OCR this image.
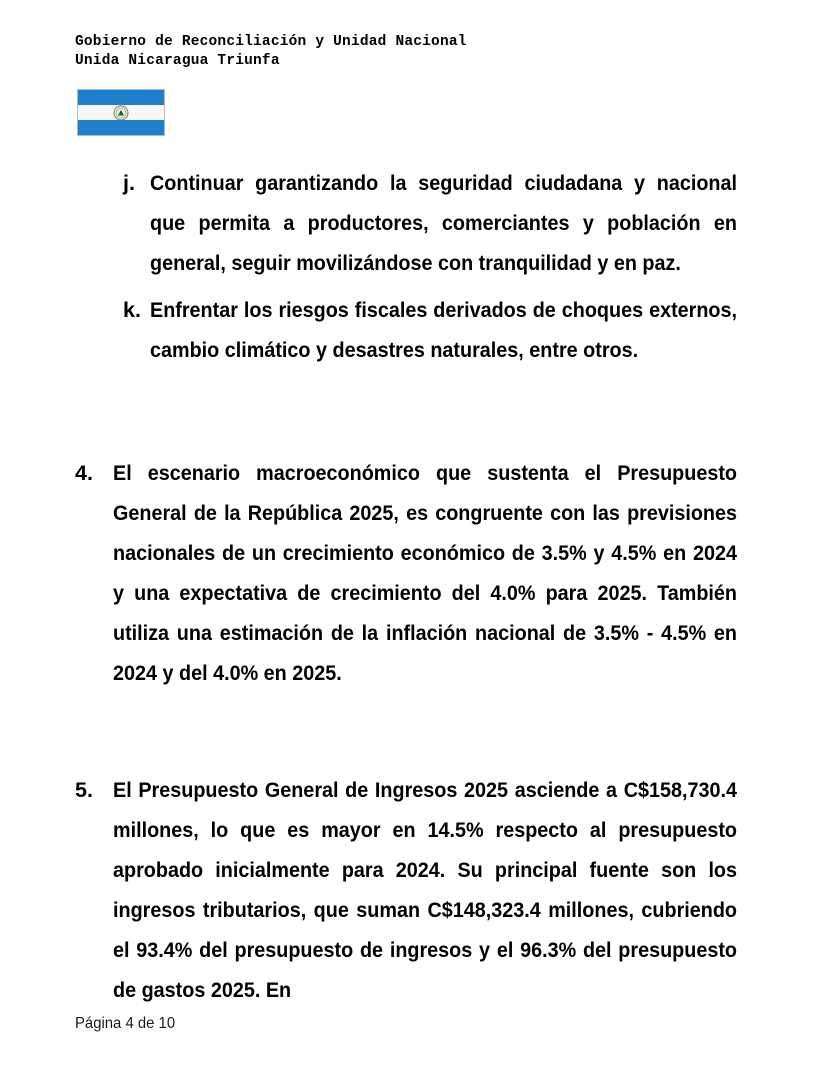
Gobierno de Reconciliación y Unidad Nacional
Unida Nicaragua Triunfa
j. Continuar garantizando la seguridad ciudadana y nacional que permita a productores, comerciantes y población en general, seguir movilizándose con tranquilidad y en paz.

k. Enfrentar los riesgos fiscales derivados de choques externos, cambio climático y desastres naturales, entre otros.

4. El escenario macroeconómico que sustenta el Presupuesto General de la República 2025, es congruente con las previsiones nacionales de un crecimiento económico de 3.5% y 4.5% en 2024 y una expectativa de crecimiento del 4.0% para 2025. También utiliza una estimación de la inflación nacional de 3.5% - 4.5% en 2024 y del 4.0% en 2025.

5. El Presupuesto General de Ingresos 2025 asciende a C$158,730.4 millones, lo que es mayor en 14.5% respecto al presupuesto aprobado inicialmente para 2024. Su principal fuente son los ingresos tributarios, que suman C$148,323.4 millones, cubriendo el 93.4% del presupuesto de ingresos y el 96.3% del presupuesto de gastos 2025. En

Página 4 de 10
